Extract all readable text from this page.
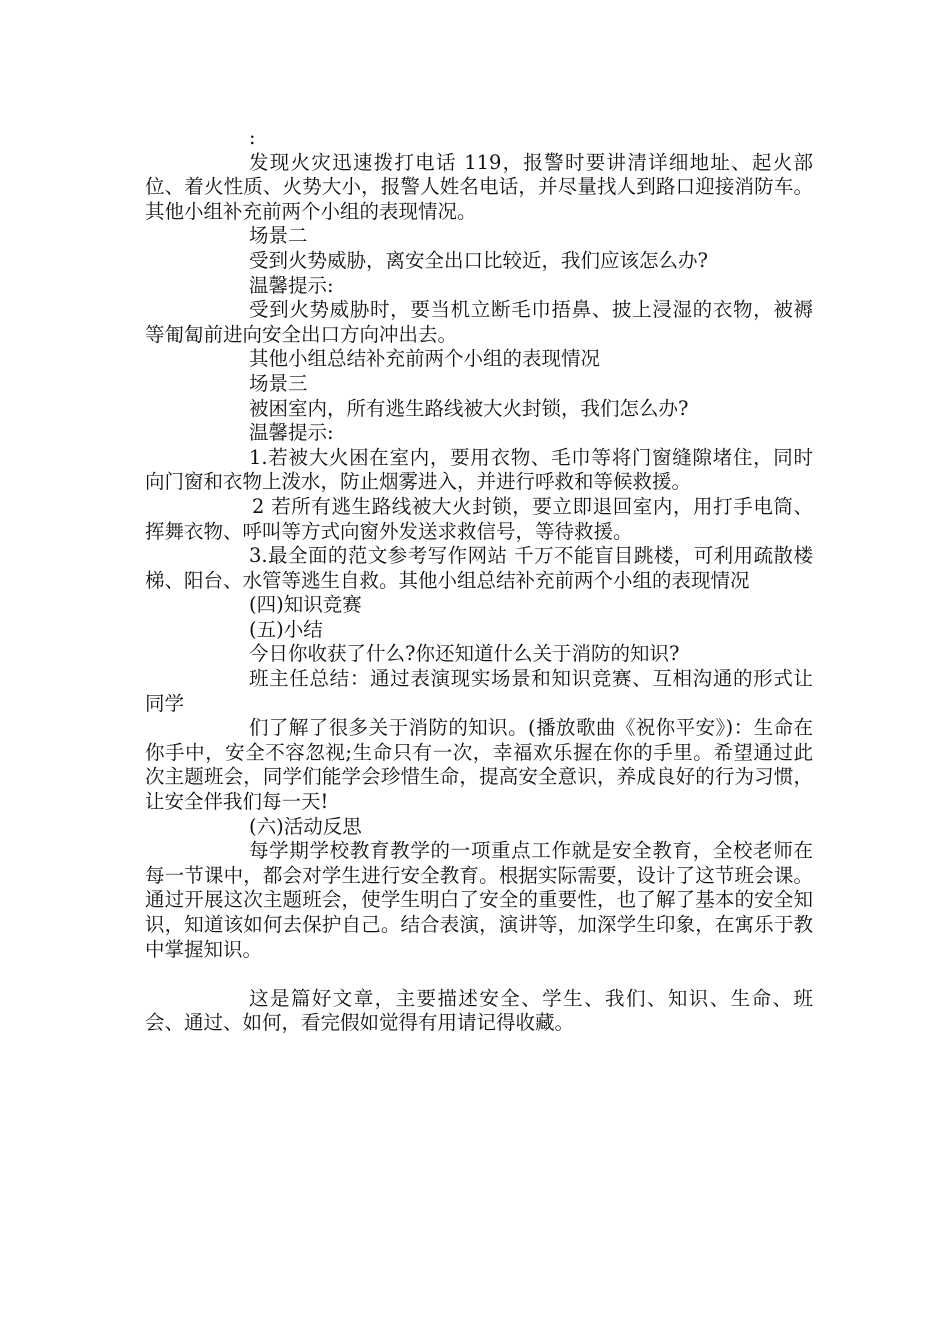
:

发现火灾迅速拨打电话 119，报警时要讲清详细地址、起火部位、着火性质、火势大小，报警人姓名电话，并尽量找人到路口迎接消防车。其他小组补充前两个小组的表现情况。

场景二

受到火势威胁，离安全出口比较近，我们应该怎么办?

温馨提示:

受到火势威胁时，要当机立断毛巾捂鼻、披上浸湿的衣物，被褥等匍匐前进向安全出口方向冲出去。

其他小组总结补充前两个小组的表现情况

场景三

被困室内，所有逃生路线被大火封锁，我们怎么办?

温馨提示:

1.若被大火困在室内，要用衣物、毛巾等将门窗缝隙堵住，同时向门窗和衣物上泼水，防止烟雾进入，并进行呼救和等候救援。

2 若所有逃生路线被大火封锁，要立即退回室内，用打手电筒、挥舞衣物、呼叫等方式向窗外发送求救信号，等待救援。

3.最全面的范文参考写作网站 千万不能盲目跳楼，可利用疏散楼梯、阳台、水管等逃生自救。其他小组总结补充前两个小组的表现情况

(四)知识竞赛

(五)小结

今日你收获了什么?你还知道什么关于消防的知识?

班主任总结：通过表演现实场景和知识竞赛、互相沟通的形式让同学

们了解了很多关于消防的知识。(播放歌曲《祝你平安》)：生命在你手中，安全不容忽视;生命只有一次，幸福欢乐握在你的手里。希望通过此次主题班会，同学们能学会珍惜生命，提高安全意识，养成良好的行为习惯，让安全伴我们每一天!

(六)活动反思

每学期学校教育教学的一项重点工作就是安全教育，全校老师在每一节课中，都会对学生进行安全教育。根据实际需要，设计了这节班会课。通过开展这次主题班会，使学生明白了安全的重要性，也了解了基本的安全知识，知道该如何去保护自己。结合表演，演讲等，加深学生印象，在寓乐于教中掌握知识。

这是篇好文章，主要描述安全、学生、我们、知识、生命、班会、通过、如何，看完假如觉得有用请记得收藏。
